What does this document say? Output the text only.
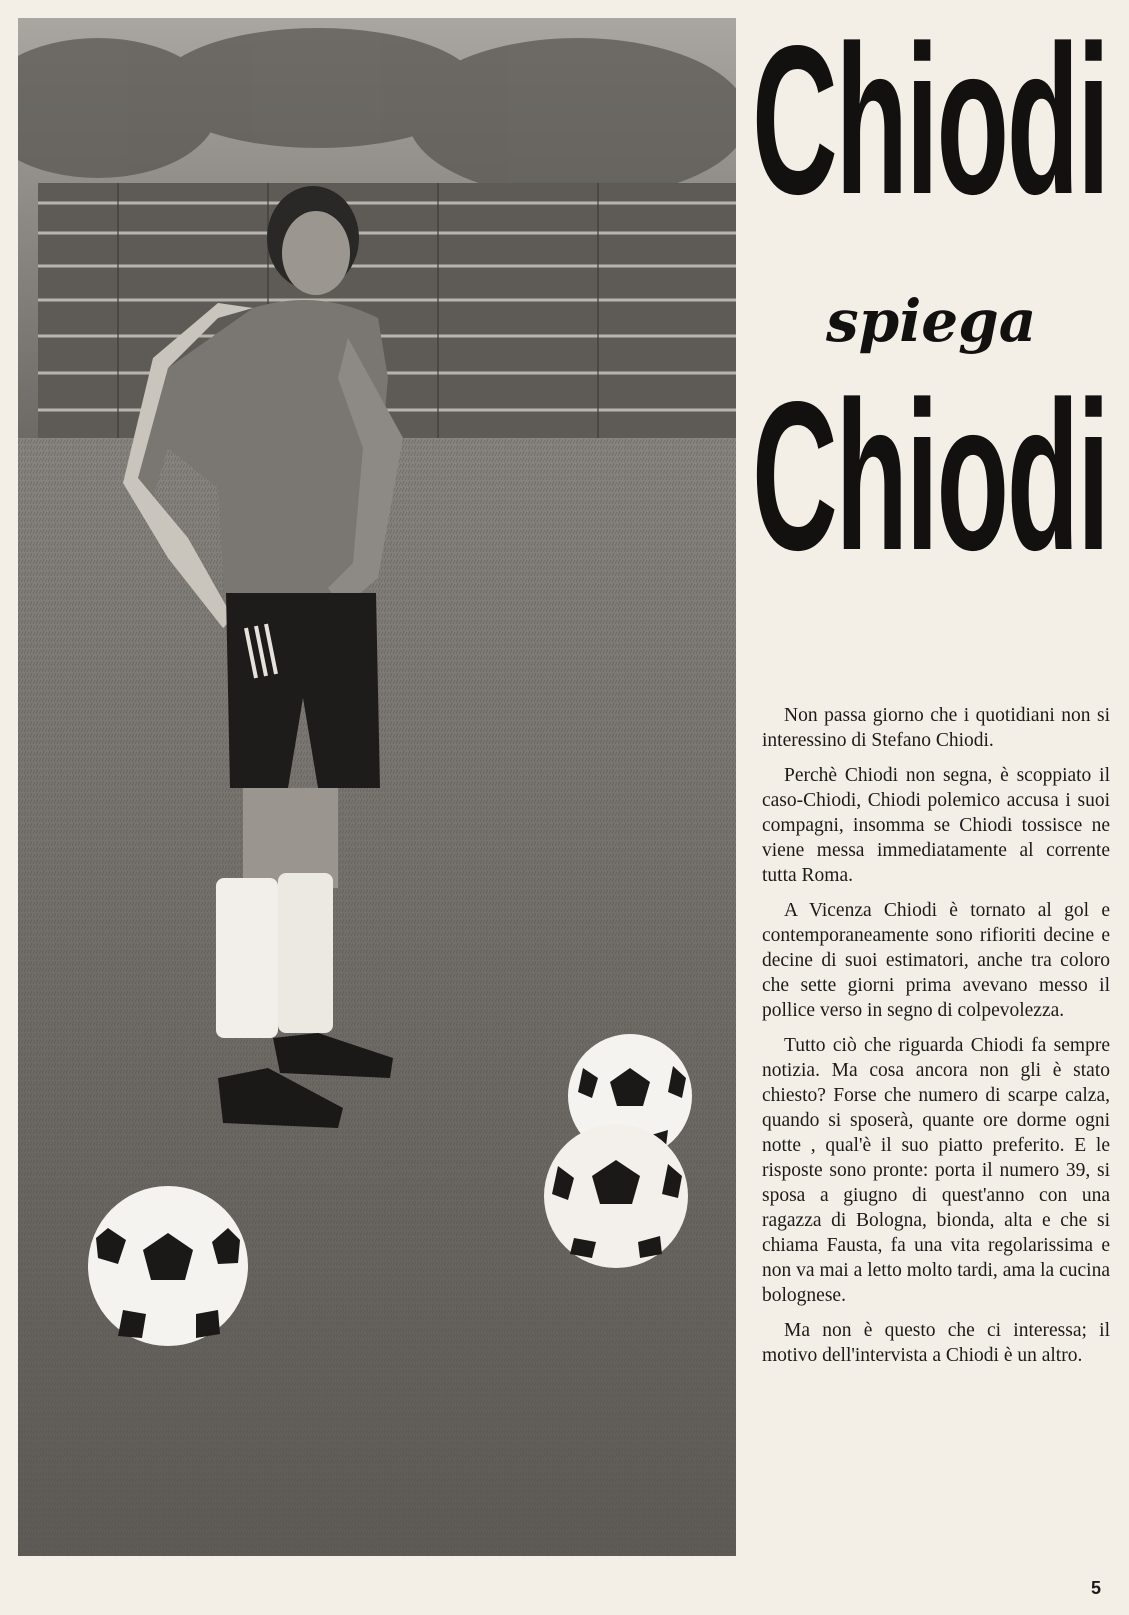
Chiodi
spiega
Chiodi

Non passa giorno che i quotidiani non si interessino di Stefano Chiodi.

Perchè Chiodi non segna, è scoppiato il caso-Chiodi, Chiodi polemico accusa i suoi compagni, insomma se Chiodi tossisce ne viene messa immediatamente al corrente tutta Roma.

A Vicenza Chiodi è tornato al gol e contemporaneamente sono rifioriti decine e decine di suoi estimatori, anche tra coloro che sette giorni prima avevano messo il pollice verso in segno di colpevolezza.

Tutto ciò che riguarda Chiodi fa sempre notizia. Ma cosa ancora non gli è stato chiesto? Forse che numero di scarpe calza, quando si sposerà, quante ore dorme ogni notte , qual'è il suo piatto preferito. E le risposte sono pronte: porta il numero 39, si sposa a giugno di quest'anno con una ragazza di Bologna, bionda, alta e che si chiama Fausta, fa una vita regolarissima e non va mai a letto molto tardi, ama la cucina bolognese.

Ma non è questo che ci interessa; il motivo dell'intervista a Chiodi è un altro.

5
